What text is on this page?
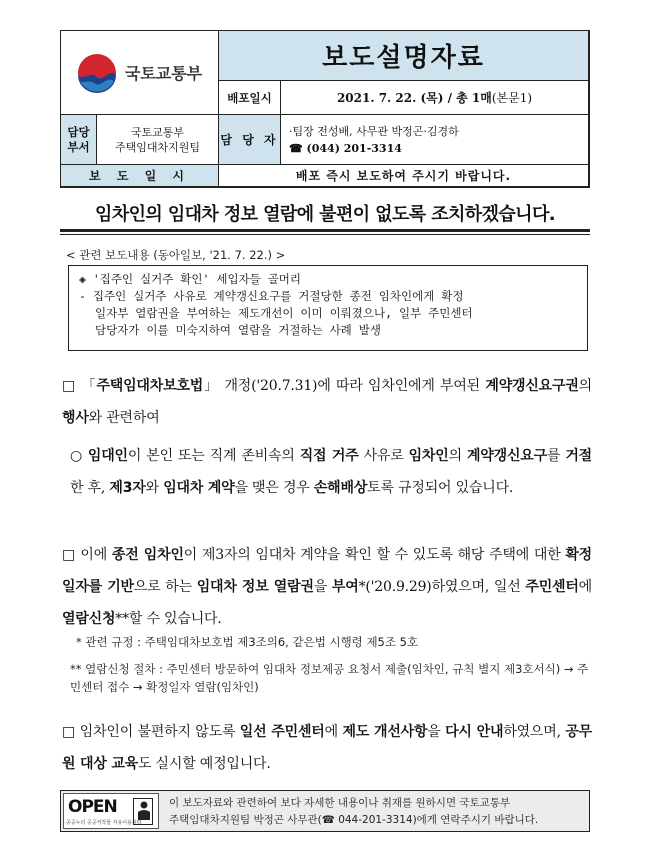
국토교통부
보도설명자료
배포일시	2021. 7. 22. (목) / 총 1매 (본문1)
담당
부서
국토교통부
주택임대차지원팀 담 당 자
·팀장 전성배, 사무관 박정곤·김경하
☎ (044) 201-3314
보 도 일 시	배포 즉시 보도하여 주시기 바랍니다.
임차인의 임대차 정보 열람에 불편이 없도록 조치하겠습니다.
< 관련 보도내용 (동아일보, '21. 7. 22.) >
◈ '집주인 실거주 확인' 세입자들 골머리
- 집주인 실거주 사유로 계약갱신요구를 거절당한 종전 임차인에게 확정
일자부 열람권을 부여하는 제도개선이 이미 이뤄졌으나, 일부 주민센터
담당자가 이를 미숙지하여 열람을 거절하는 사례 발생
□ 「주택임대차보호법」 개정('20.7.31)에 따라 임차인에게 부여된 계약갱신요구권의 행사와 관련하여
○ 임대인이 본인 또는 직계 존비속의 직접 거주 사유로 임차인의 계약갱신요구를 거절한 후, 제3자와 임대차 계약을 맺은 경우 손해배상토록 규정되어 있습니다.
□ 이에 종전 임차인이 제3자의 임대차 계약을 확인 할 수 있도록 해당 주택에 대한 확정일자를 기반으로 하는 임대차 정보 열람권을 부여*('20.9.29)하였으며, 일선 주민센터에 열람신청**할 수 있습니다.
* 관련 규정 : 주택임대차보호법 제3조의6, 같은법 시행령 제5조 5호
** 열람신청 절차 : 주민센터 방문하여 임대차 정보제공 요청서 제출(임차인, 규칙 별지 제3호서식) → 주민센터 접수 → 확정일자 열람(임차인)
□ 임차인이 불편하지 않도록 일선 주민센터에 제도 개선사항을 다시 안내하였으며, 공무원 대상 교육도 실시할 예정입니다.
OPEN
공공누리 공공저작물 자유이용허락
이 보도자료와 관련하여 보다 자세한 내용이나 취재를 원하시면 국토교통부
주택임대차지원팀 박정곤 사무관(☎ 044-201-3314)에게 연락주시기 바랍니다.
